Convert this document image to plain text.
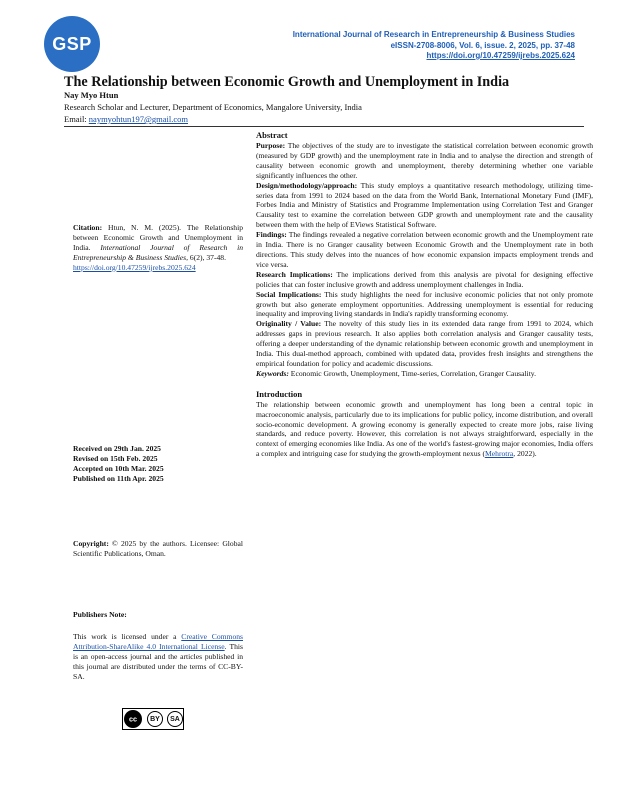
GSP	International Journal of Research in Entrepreneurship & Business Studies
eISSN-2708-8006, Vol. 6, issue. 2, 2025, pp. 37-48
https://doi.org/10.47259/ijrebs.2025.624
The Relationship between Economic Growth and Unemployment in India
Nay Myo Htun
Research Scholar and Lecturer, Department of Economics, Mangalore University, India
Email: naymyohtun197@gmail.com

Citation: Htun, N. M. (2025). The Relationship between Economic Growth and Unemployment in India. International Journal of Research in Entrepreneurship & Business Studies, 6(2), 37-48.

https://doi.org/10.47259/ijrebs.2025.624

Received on 29th Jan. 2025

Revised on 15th Feb. 2025

Accepted on 10th Mar. 2025

Published on 11th Apr. 2025

Copyright: © 2025 by the authors. Licensee: Global Scientific Publications, Oman.

Publishers Note:

This work is licensed under a Creative Commons Attribution-ShareAlike 4.0 International License. This is an open-access journal and the articles published in this journal are distributed under the terms of CC-BY-SA.

cc	BY	SA
Abstract

Purpose: The objectives of the study are to investigate the statistical correlation between economic growth (measured by GDP growth) and the unemployment rate in India and to analyse the direction and strength of causality between economic growth and unemployment, thereby determining whether one variable significantly influences the other.

Design/methodology/approach: This study employs a quantitative research methodology, utilizing time-series data from 1991 to 2024 based on the data from the World Bank, International Monetary Fund (IMF), Forbes India and Ministry of Statistics and Programme Implementation using Correlation Test and Granger Causality test to examine the correlation between GDP growth and unemployment rate and the causality between them with the help of EViews Statistical Software.

Findings: The findings revealed a negative correlation between economic growth and the Unemployment rate in India. There is no Granger causality between Economic Growth and the Unemployment rate in both directions. This study delves into the nuances of how economic expansion impacts employment trends and vice versa.

Research Implications: The implications derived from this analysis are pivotal for designing effective policies that can foster inclusive growth and address unemployment challenges in India.

Social Implications: This study highlights the need for inclusive economic policies that not only promote growth but also generate employment opportunities. Addressing unemployment is essential for reducing inequality and improving living standards in India's rapidly transforming economy.

Originality / Value: The novelty of this study lies in its extended data range from 1991 to 2024, which addresses gaps in previous research. It also applies both correlation analysis and Granger causality tests, offering a deeper understanding of the dynamic relationship between economic growth and unemployment in India. This dual-method approach, combined with updated data, provides fresh insights and strengthens the empirical foundation for policy and academic discussions.

Keywords: Economic Growth, Unemployment, Time-series, Correlation, Granger Causality.

Introduction

The relationship between economic growth and unemployment has long been a central topic in macroeconomic analysis, particularly due to its implications for public policy, income distribution, and overall socio-economic development. A growing economy is generally expected to create more jobs, raise living standards, and reduce poverty. However, this correlation is not always straightforward, especially in the context of emerging economies like India. As one of the world's fastest-growing major economies, India offers a complex and intriguing case for studying the growth-employment nexus (Mehrotra, 2022).
